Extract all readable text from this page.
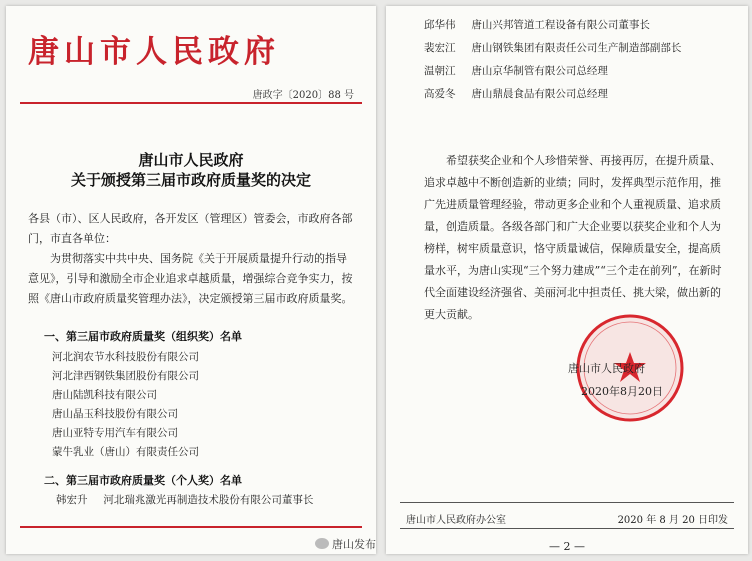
唐山市人民政府
唐政字〔2020〕88 号
唐山市人民政府
关于颁授第三届市政府质量奖的决定
各县（市）、区人民政府，各开发区（管理区）管委会，市政府各部门，市直各单位：
为贯彻落实中共中央、国务院《关于开展质量提升行动的指导意见》，引导和激励全市企业追求卓越质量，增强综合竞争实力，按照《唐山市政府质量奖管理办法》，决定颁授第三届市政府质量奖。
一、第三届市政府质量奖（组织奖）名单
河北润农节水科技股份有限公司
河北津西钢铁集团股份有限公司
唐山陆凯科技有限公司
唐山晶玉科技股份有限公司
唐山亚特专用汽车有限公司
蒙牛乳业（唐山）有限责任公司
二、第三届市政府质量奖（个人奖）名单
韩宏升 河北瑞兆激光再制造技术股份有限公司董事长
邱华伟 唐山兴邦管道工程设备有限公司董事长
裴宏江 唐山钢铁集团有限责任公司生产制造部副部长
温朝江 唐山京华制管有限公司总经理
高爱冬 唐山鼎晨食品有限公司总经理
希望获奖企业和个人珍惜荣誉、再接再厉，在提升质量、追求卓越中不断创造新的业绩；同时，发挥典型示范作用，推广先进质量管理经验，带动更多企业和个人重视质量、追求质量，创造质量。各级各部门和广大企业要以获奖企业和个人为榜样，树牢质量意识，恪守质量诚信，保障质量安全，提高质量水平，为唐山实现“三个努力建成”“三个走在前列”，在新时代全面建设经济强省、美丽河北中担责任、挑大梁，做出新的更大贡献。
唐山市人民政府
2020年8月20日
唐山市人民政府办公室	2020 年 8 月 20 日印发
— 2 —
唐山发布
